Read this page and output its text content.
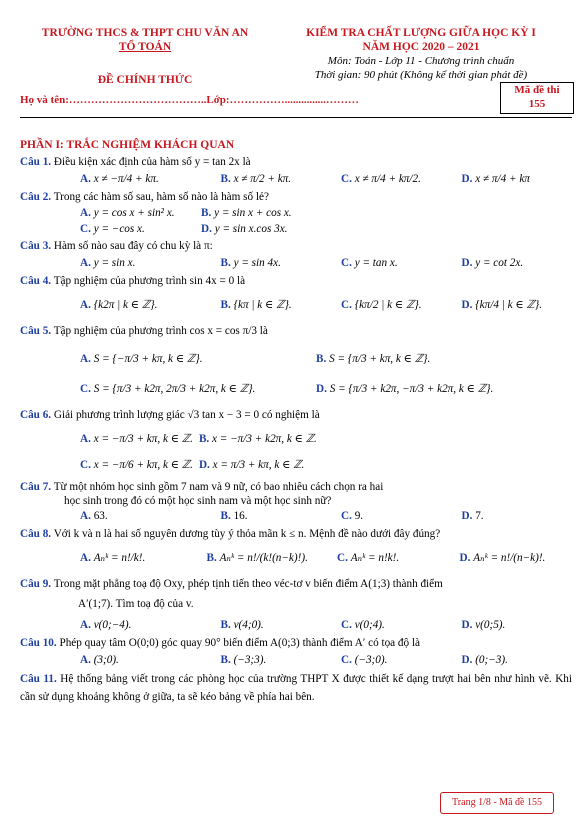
TRƯỜNG THCS & THPT CHU VĂN AN
TỔ TOÁN
ĐỀ CHÍNH THỨC
KIỂM TRA CHẤT LƯỢNG GIỮA HỌC KỲ I
NĂM HỌC 2020 – 2021
Môn: Toán - Lớp 11 - Chương trình chuẩn
Thời gian: 90 phút (Không kể thời gian phát đề)
Mã đề thi
155
Họ và tên:………………………………..Lớp:……………...............………
PHẦN I: TRẮC NGHIỆM KHÁCH QUAN
Câu 1. Điều kiện xác định của hàm số y = tan 2x là
A. x ≠ −π/4 + kπ.	B. x ≠ π/2 + kπ.	C. x ≠ π/4 + kπ/2.	D. x ≠ π/4 + kπ
Câu 2. Trong các hàm số sau, hàm số nào là hàm số lẻ?
A. y = cos x + sin² x.	B. y = sin x + cos x.
C. y = −cos x.	D. y = sin x.cos 3x.
Câu 3. Hàm số nào sau đây có chu kỳ là π:
A. y = sin x.	B. y = sin 4x.	C. y = tan x.	D. y = cot 2x.
Câu 4. Tập nghiệm của phương trình sin 4x = 0 là
A. {k2π | k ∈ ℤ}.	B. {kπ | k ∈ ℤ}.	C. {kπ/2 | k ∈ ℤ}.	D. {kπ/4 | k ∈ ℤ}.
Câu 5. Tập nghiệm của phương trình cos x = cos π/3 là
A. S = {−π/3 + kπ, k ∈ ℤ}.	B. S = {π/3 + kπ, k ∈ ℤ}.
C. S = {π/3 + k2π, 2π/3 + k2π, k ∈ ℤ}.	D. S = {π/3 + k2π, −π/3 + k2π, k ∈ ℤ}.
Câu 6. Giải phương trình lượng giác √3 tan x − 3 = 0 có nghiệm là
A. x = −π/3 + kπ, k ∈ ℤ. B. x = −π/3 + k2π, k ∈ ℤ.
C. x = −π/6 + kπ, k ∈ ℤ. D. x = π/3 + kπ, k ∈ ℤ.
Câu 7. Từ một nhóm học sinh gồm 7 nam và 9 nữ, có bao nhiêu cách chọn ra hai
học sinh trong đó có một học sinh nam và một học sinh nữ?
A. 63.	B. 16.	C. 9.	D. 7.
Câu 8. Với k và n là hai số nguyên dương tùy ý thỏa mãn k ≤ n. Mệnh đề nào dưới đây đúng?
A. Aₙᵏ = n!/k!.	B. Aₙᵏ = n!/(k!(n−k)!).	C. Aₙᵏ = n!k!.	D. Aₙᵏ = n!/(n−k)!.
Câu 9. Trong mặt phẳng toạ độ Oxy, phép tịnh tiến theo véc-tơ v biến điểm A(1;3) thành điểm
A′(1;7). Tìm toạ độ của v.
A. v(0;−4).	B. v(4;0).	C. v(0;4).	D. v(0;5).
Câu 10. Phép quay tâm O(0;0) góc quay 90° biến điểm A(0;3) thành điểm A′ có tọa độ là
A. (3;0).	B. (−3;3).	C. (−3;0).	D. (0;−3).
Câu 11. Hệ thống bảng viết trong các phòng học của trường THPT X được thiết kế dạng trượt hai bên như hình vẽ. Khi cần sử dụng khoảng không ở giữa, ta sẽ kéo bảng về phía hai bên.
Trang 1/8 - Mã đề 155
